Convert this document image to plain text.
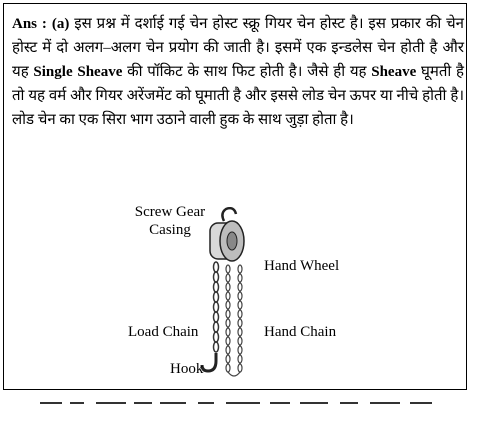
Ans : (a) इस प्रश्न में दर्शाई गई चेन होस्ट स्क्रू गियर चेन होस्ट है। इस प्रकार की चेन होस्ट में दो अलग–अलग चेन प्रयोग की जाती है। इसमें एक इन्डलेस चेन होती है और यह Single Sheave की पॉकिट के साथ फिट होती है। जैसे ही यह Sheave घूमती है तो यह वर्म और गियर अरेंजमेंट को घूमाती है और इससे लोड चेन ऊपर या नीचे होती है। लोड चेन का एक सिरा भाग उठाने वाली हुक के साथ जुड़ा होता है।

Screw Gear Casing
Hand Wheel
Load Chain	Hand Chain
Hook
